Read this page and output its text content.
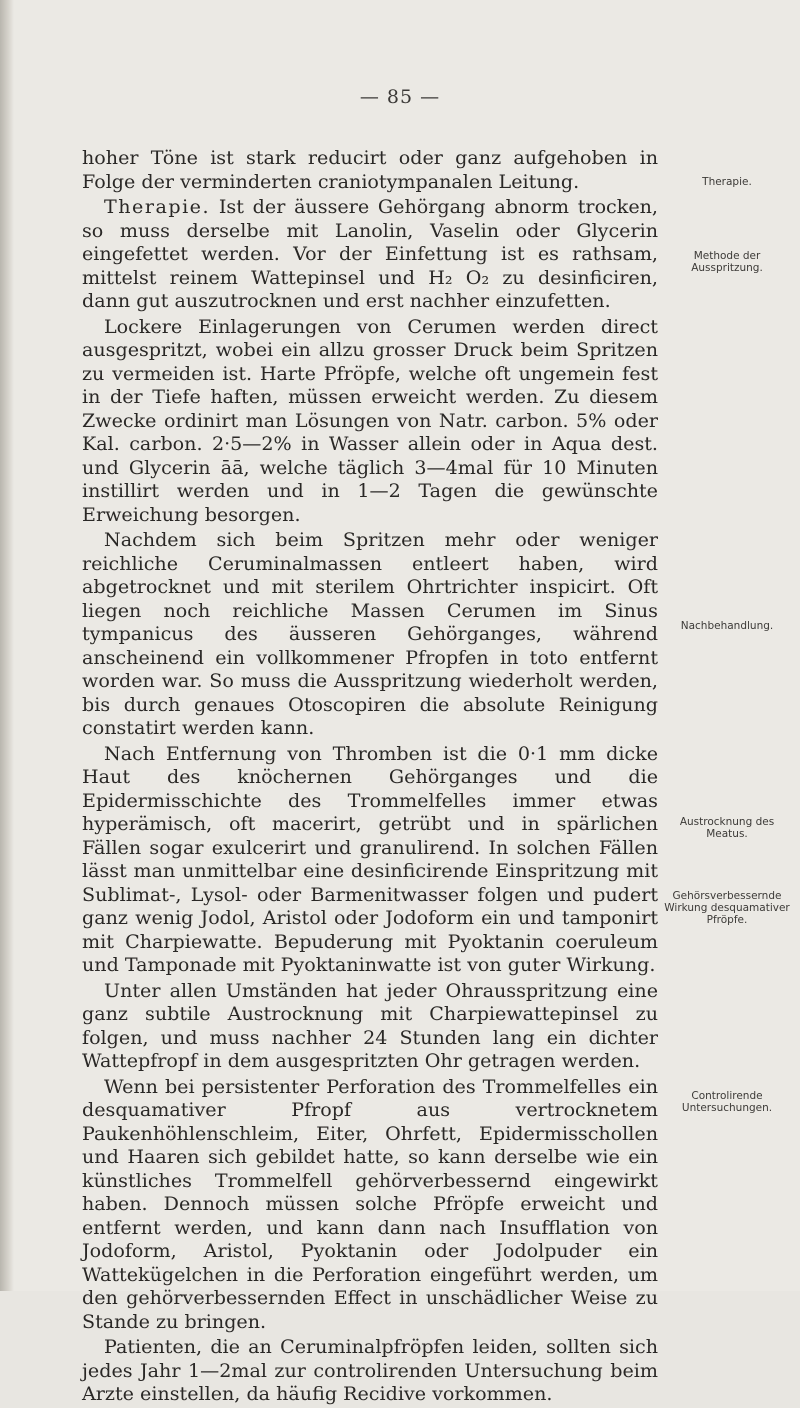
— 85 —

hoher Töne ist stark reducirt oder ganz aufgehoben in Folge der verminderten craniotympanalen Leitung.

Therapie. Ist der äussere Gehörgang abnorm trocken, so muss derselbe mit Lanolin, Vaselin oder Glycerin eingefettet werden. Vor der Einfettung ist es rathsam, mittelst reinem Wattepinsel und H₂ O₂ zu desinficiren, dann gut auszutrocknen und erst nachher einzufetten.

Lockere Einlagerungen von Cerumen werden direct ausgespritzt, wobei ein allzu grosser Druck beim Spritzen zu vermeiden ist. Harte Pfröpfe, welche oft ungemein fest in der Tiefe haften, müssen erweicht werden. Zu diesem Zwecke ordinirt man Lösungen von Natr. carbon. 5% oder Kal. carbon. 2·5—2% in Wasser allein oder in Aqua dest. und Glycerin āā, welche täglich 3—4mal für 10 Minuten instillirt werden und in 1—2 Tagen die gewünschte Erweichung besorgen.

Nachdem sich beim Spritzen mehr oder weniger reichliche Ceruminalmassen entleert haben, wird abgetrocknet und mit sterilem Ohrtrichter inspicirt. Oft liegen noch reichliche Massen Cerumen im Sinus tympanicus des äusseren Gehörganges, während anscheinend ein vollkommener Pfropfen in toto entfernt worden war. So muss die Ausspritzung wiederholt werden, bis durch genaues Otoscopiren die absolute Reinigung constatirt werden kann.

Nach Entfernung von Thromben ist die 0·1 mm dicke Haut des knöchernen Gehörganges und die Epidermisschichte des Trommelfelles immer etwas hyperämisch, oft macerirt, getrübt und in spärlichen Fällen sogar exulcerirt und granulirend. In solchen Fällen lässt man unmittelbar eine desinficirende Einspritzung mit Sublimat-, Lysol- oder Barmenitwasser folgen und pudert ganz wenig Jodol, Aristol oder Jodoform ein und tamponirt mit Charpiewatte. Bepuderung mit Pyoktanin coeruleum und Tamponade mit Pyoktaninwatte ist von guter Wirkung.

Unter allen Umständen hat jeder Ohrausspritzung eine ganz subtile Austrocknung mit Charpiewattepinsel zu folgen, und muss nachher 24 Stunden lang ein dichter Wattepfropf in dem ausgespritzten Ohr getragen werden.

Wenn bei persistenter Perforation des Trommelfelles ein desquamativer Pfropf aus vertrocknetem Paukenhöhlenschleim, Eiter, Ohrfett, Epidermisschollen und Haaren sich gebildet hatte, so kann derselbe wie ein künstliches Trommelfell gehörverbessernd eingewirkt haben. Dennoch müssen solche Pfröpfe erweicht und entfernt werden, und kann dann nach Insufflation von Jodoform, Aristol, Pyoktanin oder Jodolpuder ein Wattekügelchen in die Perforation eingeführt werden, um den gehörverbessernden Effect in unschädlicher Weise zu Stande zu bringen.

Patienten, die an Ceruminalpfröpfen leiden, sollten sich jedes Jahr 1—2mal zur controlirenden Untersuchung beim Arzte einstellen, da häufig Recidive vorkommen.

Therapie.
Methode der Ausspritzung.
Nachbehandlung.
Austrocknung des Meatus.
Gehörsverbessernde Wirkung desquamativer Pfröpfe.
Controlirende Untersuchungen.
